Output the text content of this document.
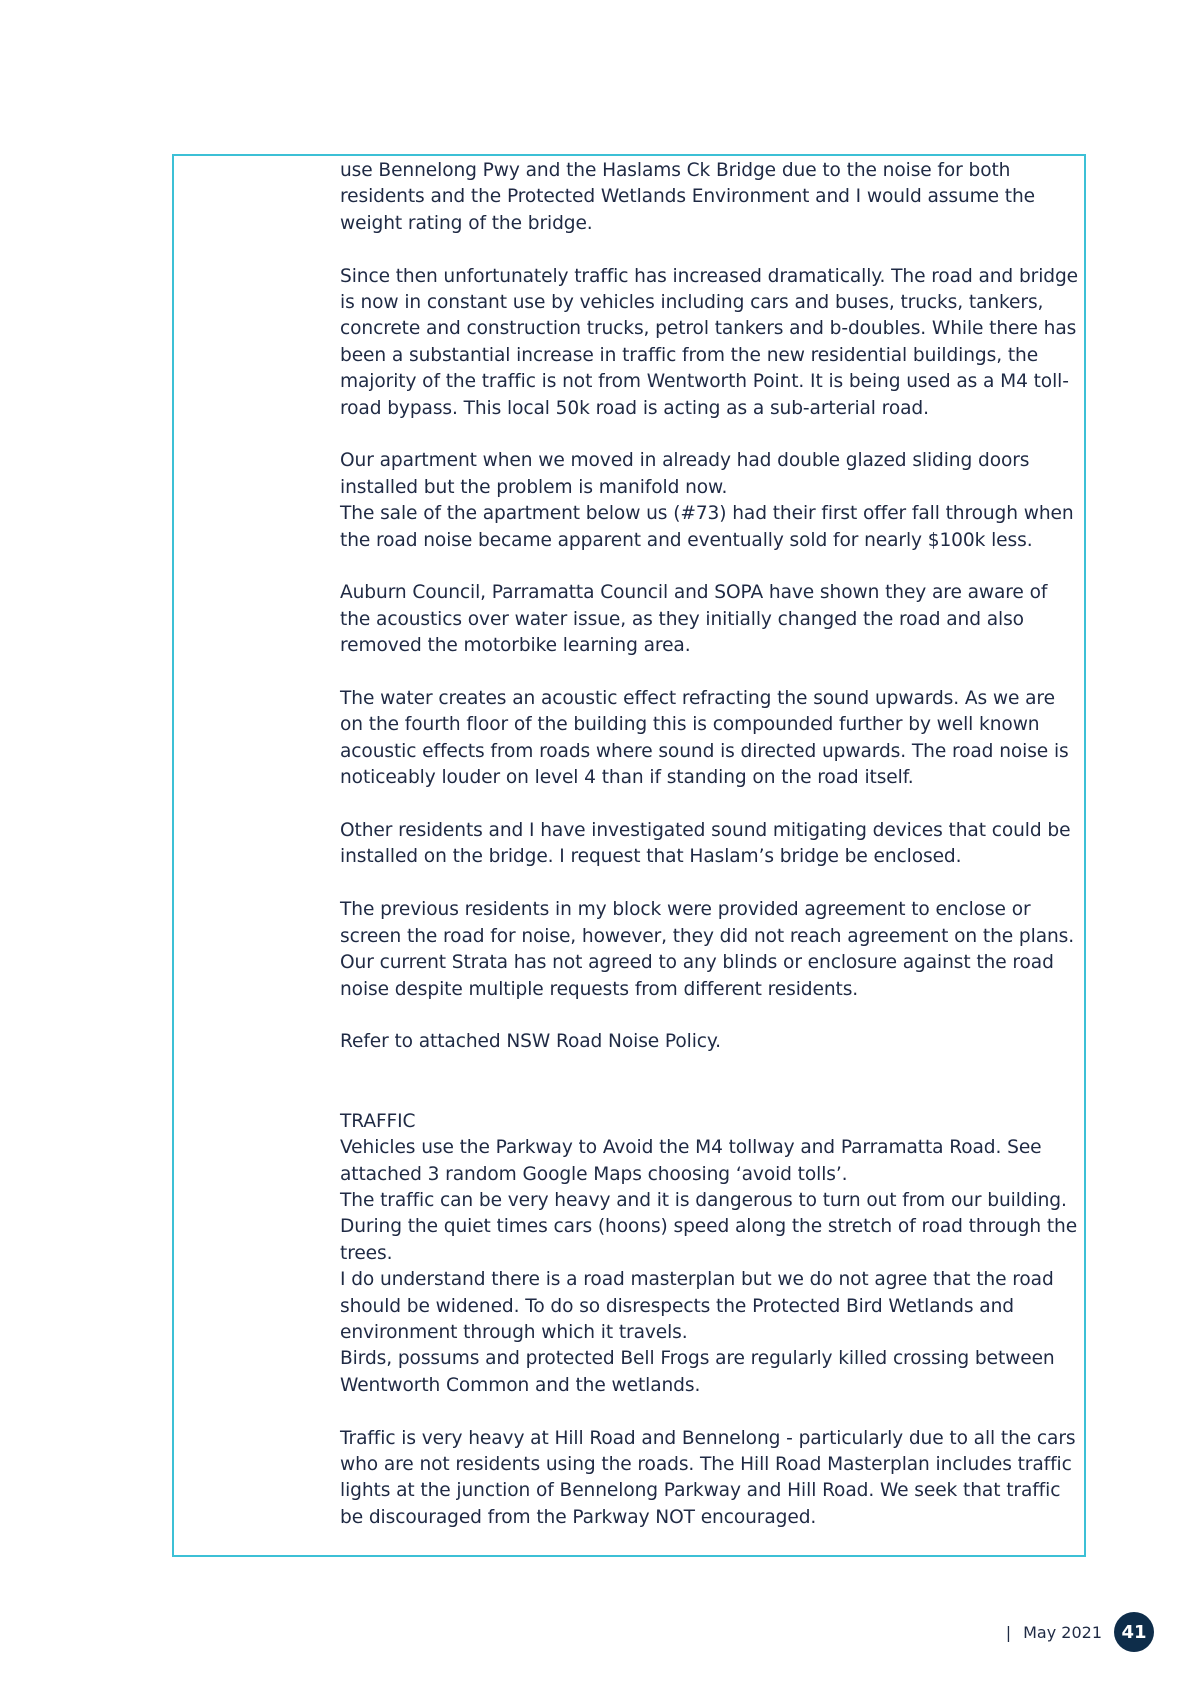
use Bennelong Pwy and the Haslams Ck Bridge due to the noise for both residents and the Protected Wetlands Environment and I would assume the weight rating of the bridge.

Since then unfortunately traffic has increased dramatically. The road and bridge is now in constant use by vehicles including cars and buses, trucks, tankers, concrete and construction trucks, petrol tankers and b-doubles. While there has been a substantial increase in traffic from the new residential buildings, the majority of the traffic is not from Wentworth Point. It is being used as a M4 toll-road bypass. This local 50k road is acting as a sub-arterial road.

Our apartment when we moved in already had double glazed sliding doors installed but the problem is manifold now.
The sale of the apartment below us (#73) had their first offer fall through when the road noise became apparent and eventually sold for nearly $100k less.

Auburn Council, Parramatta Council and SOPA have shown they are aware of the acoustics over water issue, as they initially changed the road and also removed the motorbike learning area.

The water creates an acoustic effect refracting the sound upwards. As we are on the fourth floor of the building this is compounded further by well known acoustic effects from roads where sound is directed upwards. The road noise is noticeably louder on level 4 than if standing on the road itself.

Other residents and I have investigated sound mitigating devices that could be installed on the bridge. I request that Haslam’s bridge be enclosed.

The previous residents in my block were provided agreement to enclose or screen the road for noise, however, they did not reach agreement on the plans. Our current Strata has not agreed to any blinds or enclosure against the road noise despite multiple requests from different residents.

Refer to attached NSW Road Noise Policy.

TRAFFIC

Vehicles use the Parkway to Avoid the M4 tollway and Parramatta Road. See attached 3 random Google Maps choosing ‘avoid tolls’.
The traffic can be very heavy and it is dangerous to turn out from our building. During the quiet times cars (hoons) speed along the stretch of road through the trees.
I do understand there is a road masterplan but we do not agree that the road should be widened. To do so disrespects the Protected Bird Wetlands and environment through which it travels.
Birds, possums and protected Bell Frogs are regularly killed crossing between Wentworth Common and the wetlands.

Traffic is very heavy at Hill Road and Bennelong - particularly due to all the cars who are not residents using the roads. The Hill Road Masterplan includes traffic lights at the junction of Bennelong Parkway and Hill Road. We seek that traffic be discouraged from the Parkway NOT encouraged.

| May 2021	41
